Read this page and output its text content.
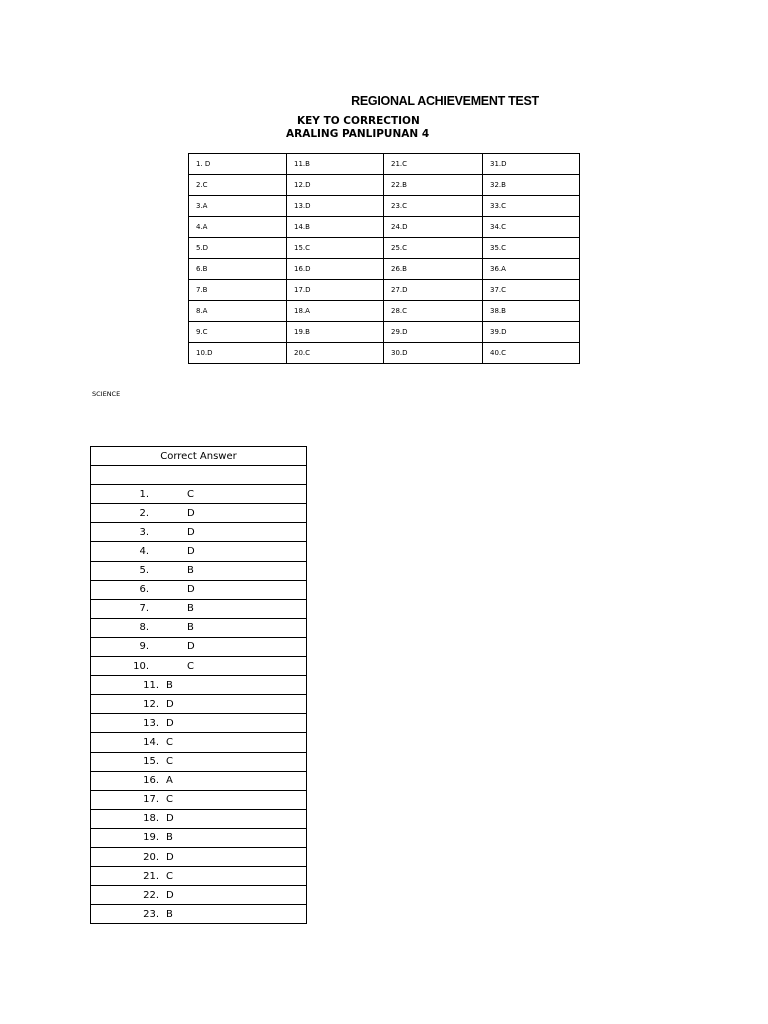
REGIONAL ACHIEVEMENT TEST
KEY TO CORRECTION
ARALING PANLIPUNAN 4
1. D	11.B	21.C	31.D
2.C	12.D	22.B	32.B
3.A	13.D	23.C	33.C
4.A	14.B	24.D	34.C
5.D	15.C	25.C	35.C
6.B	16.D	26.B	36.A
7.B	17.D	27.D	37.C
8.A	18.A	28.C	38.B
9.C	19.B	29.D	39.D
10.D	20.C	30.D	40.C
SCIENCE
Correct Answer

1.	C
2.	D
3.	D
4.	D
5.	B
6.	D
7.	B
8.	B
9.	D
10.	C
11. B
12. D
13. D
14. C
15. C
16. A
17. C
18. D
19. B
20. D
21. C
22. D
23. B
